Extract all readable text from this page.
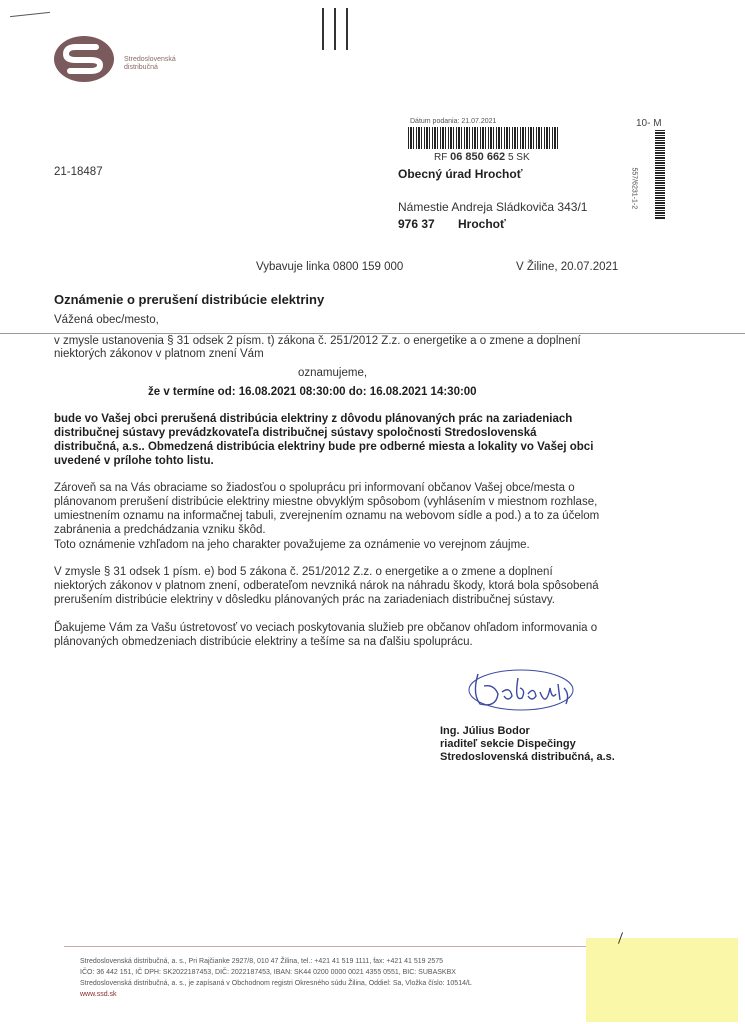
Stredoslovenská
distribučná
Dátum podania: 21.07.2021
RF 06 850 662 5 SK
10- M
557/6231-1-2
21-18487	Obecný úrad Hrochoť
Námestie Andreja Sládkoviča 343/1
976 37 Hrochoť
Vybavuje linka 0800 159 000	V Žiline, 20.07.2021
Oznámenie o prerušení distribúcie elektriny
Vážená obec/mesto,
v zmysle ustanovenia § 31 odsek 2 písm. t) zákona č. 251/2012 Z.z. o energetike a o zmene a doplnení
niektorých zákonov v platnom znení Vám
oznamujeme,
že v termíne od: 16.08.2021 08:30:00 do: 16.08.2021 14:30:00
bude vo Vašej obci prerušená distribúcia elektriny z dôvodu plánovaných prác na zariadeniach
distribučnej sústavy prevádzkovateľa distribučnej sústavy spoločnosti Stredoslovenská
distribučná, a.s.. Obmedzená distribúcia elektriny bude pre odberné miesta a lokality vo Vašej obci
uvedené v prílohe tohto listu.
Zároveň sa na Vás obraciame so žiadosťou o spoluprácu pri informovaní občanov Vašej obce/mesta o
plánovanom prerušení distribúcie elektriny miestne obvyklým spôsobom (vyhlásením v miestnom rozhlase,
umiestnením oznamu na informačnej tabuli, zverejnením oznamu na webovom sídle a pod.) a to za účelom
zabránenia a predchádzania vzniku škôd.
Toto oznámenie vzhľadom na jeho charakter považujeme za oznámenie vo verejnom záujme.
V zmysle § 31 odsek 1 písm. e) bod 5 zákona č. 251/2012 Z.z. o energetike a o zmene a doplnení
niektorých zákonov v platnom znení, odberateľom nevzniká nárok na náhradu škody, ktorá bola spôsobená
prerušením distribúcie elektriny v dôsledku plánovaných prác na zariadeniach distribučnej sústavy.
Ďakujeme Vám za Vašu ústretovosť vo veciach poskytovania služieb pre občanov ohľadom informovania o
plánovaných obmedzeniach distribúcie elektriny a tešíme sa na ďalšiu spoluprácu.
Ing. Július Bodor
riaditeľ sekcie Dispečingy
Stredoslovenská distribučná, a.s.
Stredoslovenská distribučná, a. s., Pri Rajčianke 2927/8, 010 47 Žilina, tel.: +421 41 519 1111, fax: +421 41 519 2575
IČO: 36 442 151, IČ DPH: SK2022187453, DIČ: 2022187453, IBAN: SK44 0200 0000 0021 4355 0551, BIC: SUBASKBX
Stredoslovenská distribučná, a. s., je zapísaná v Obchodnom registri Okresného súdu Žilina, Oddiel: Sa, Vložka číslo: 10514/L
www.ssd.sk
